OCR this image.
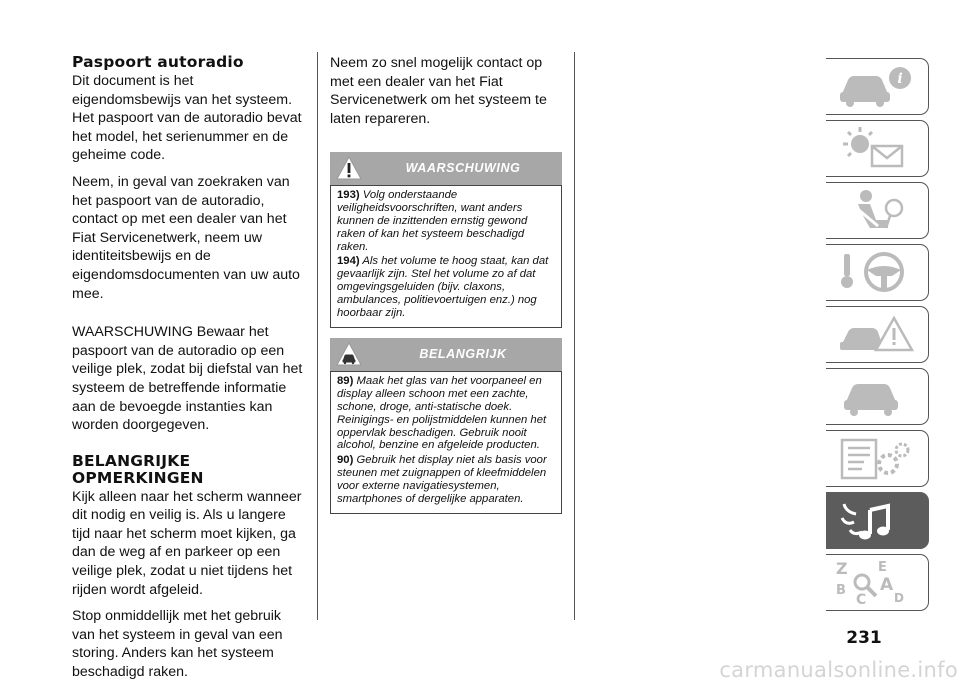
Paspoort autoradio

Dit document is het eigendomsbewijs van het systeem. Het paspoort van de autoradio bevat het model, het serienummer en de geheime code.

Neem, in geval van zoekraken van het paspoort van de autoradio, contact op met een dealer van het Fiat Servicenetwerk, neem uw identiteitsbewijs en de eigendomsdocumenten van uw auto mee.

WAARSCHUWING Bewaar het paspoort van de autoradio op een veilige plek, zodat bij diefstal van het systeem de betreffende informatie aan de bevoegde instanties kan worden doorgegeven.

BELANGRIJKE OPMERKINGEN

Kijk alleen naar het scherm wanneer dit nodig en veilig is. Als u langere tijd naar het scherm moet kijken, ga dan de weg af en parkeer op een veilige plek, zodat u niet tijdens het rijden wordt afgeleid.

Stop onmiddellijk met het gebruik van het systeem in geval van een storing. Anders kan het systeem beschadigd raken.

Neem zo snel mogelijk contact op met een dealer van het Fiat Servicenetwerk om het systeem te laten repareren.

WAARSCHUWING

193) Volg onderstaande veiligheidsvoorschriften, want anders kunnen de inzittenden ernstig gewond raken of kan het systeem beschadigd raken.

194) Als het volume te hoog staat, kan dat gevaarlijk zijn. Stel het volume zo af dat omgevingsgeluiden (bijv. claxons, ambulances, politievoertuigen enz.) nog hoorbaar zijn.

BELANGRIJK

89) Maak het glas van het voorpaneel en display alleen schoon met een zachte, schone, droge, anti-statische doek. Reinigings- en polijstmiddelen kunnen het oppervlak beschadigen. Gebruik nooit alcohol, benzine en afgeleide producten.

90) Gebruik het display niet als basis voor steunen met zuignappen of kleefmiddelen voor externe navigatiesystemen, smartphones of dergelijke apparaten.

i
Z E
B A
C D
231
carmanualsonline.info
